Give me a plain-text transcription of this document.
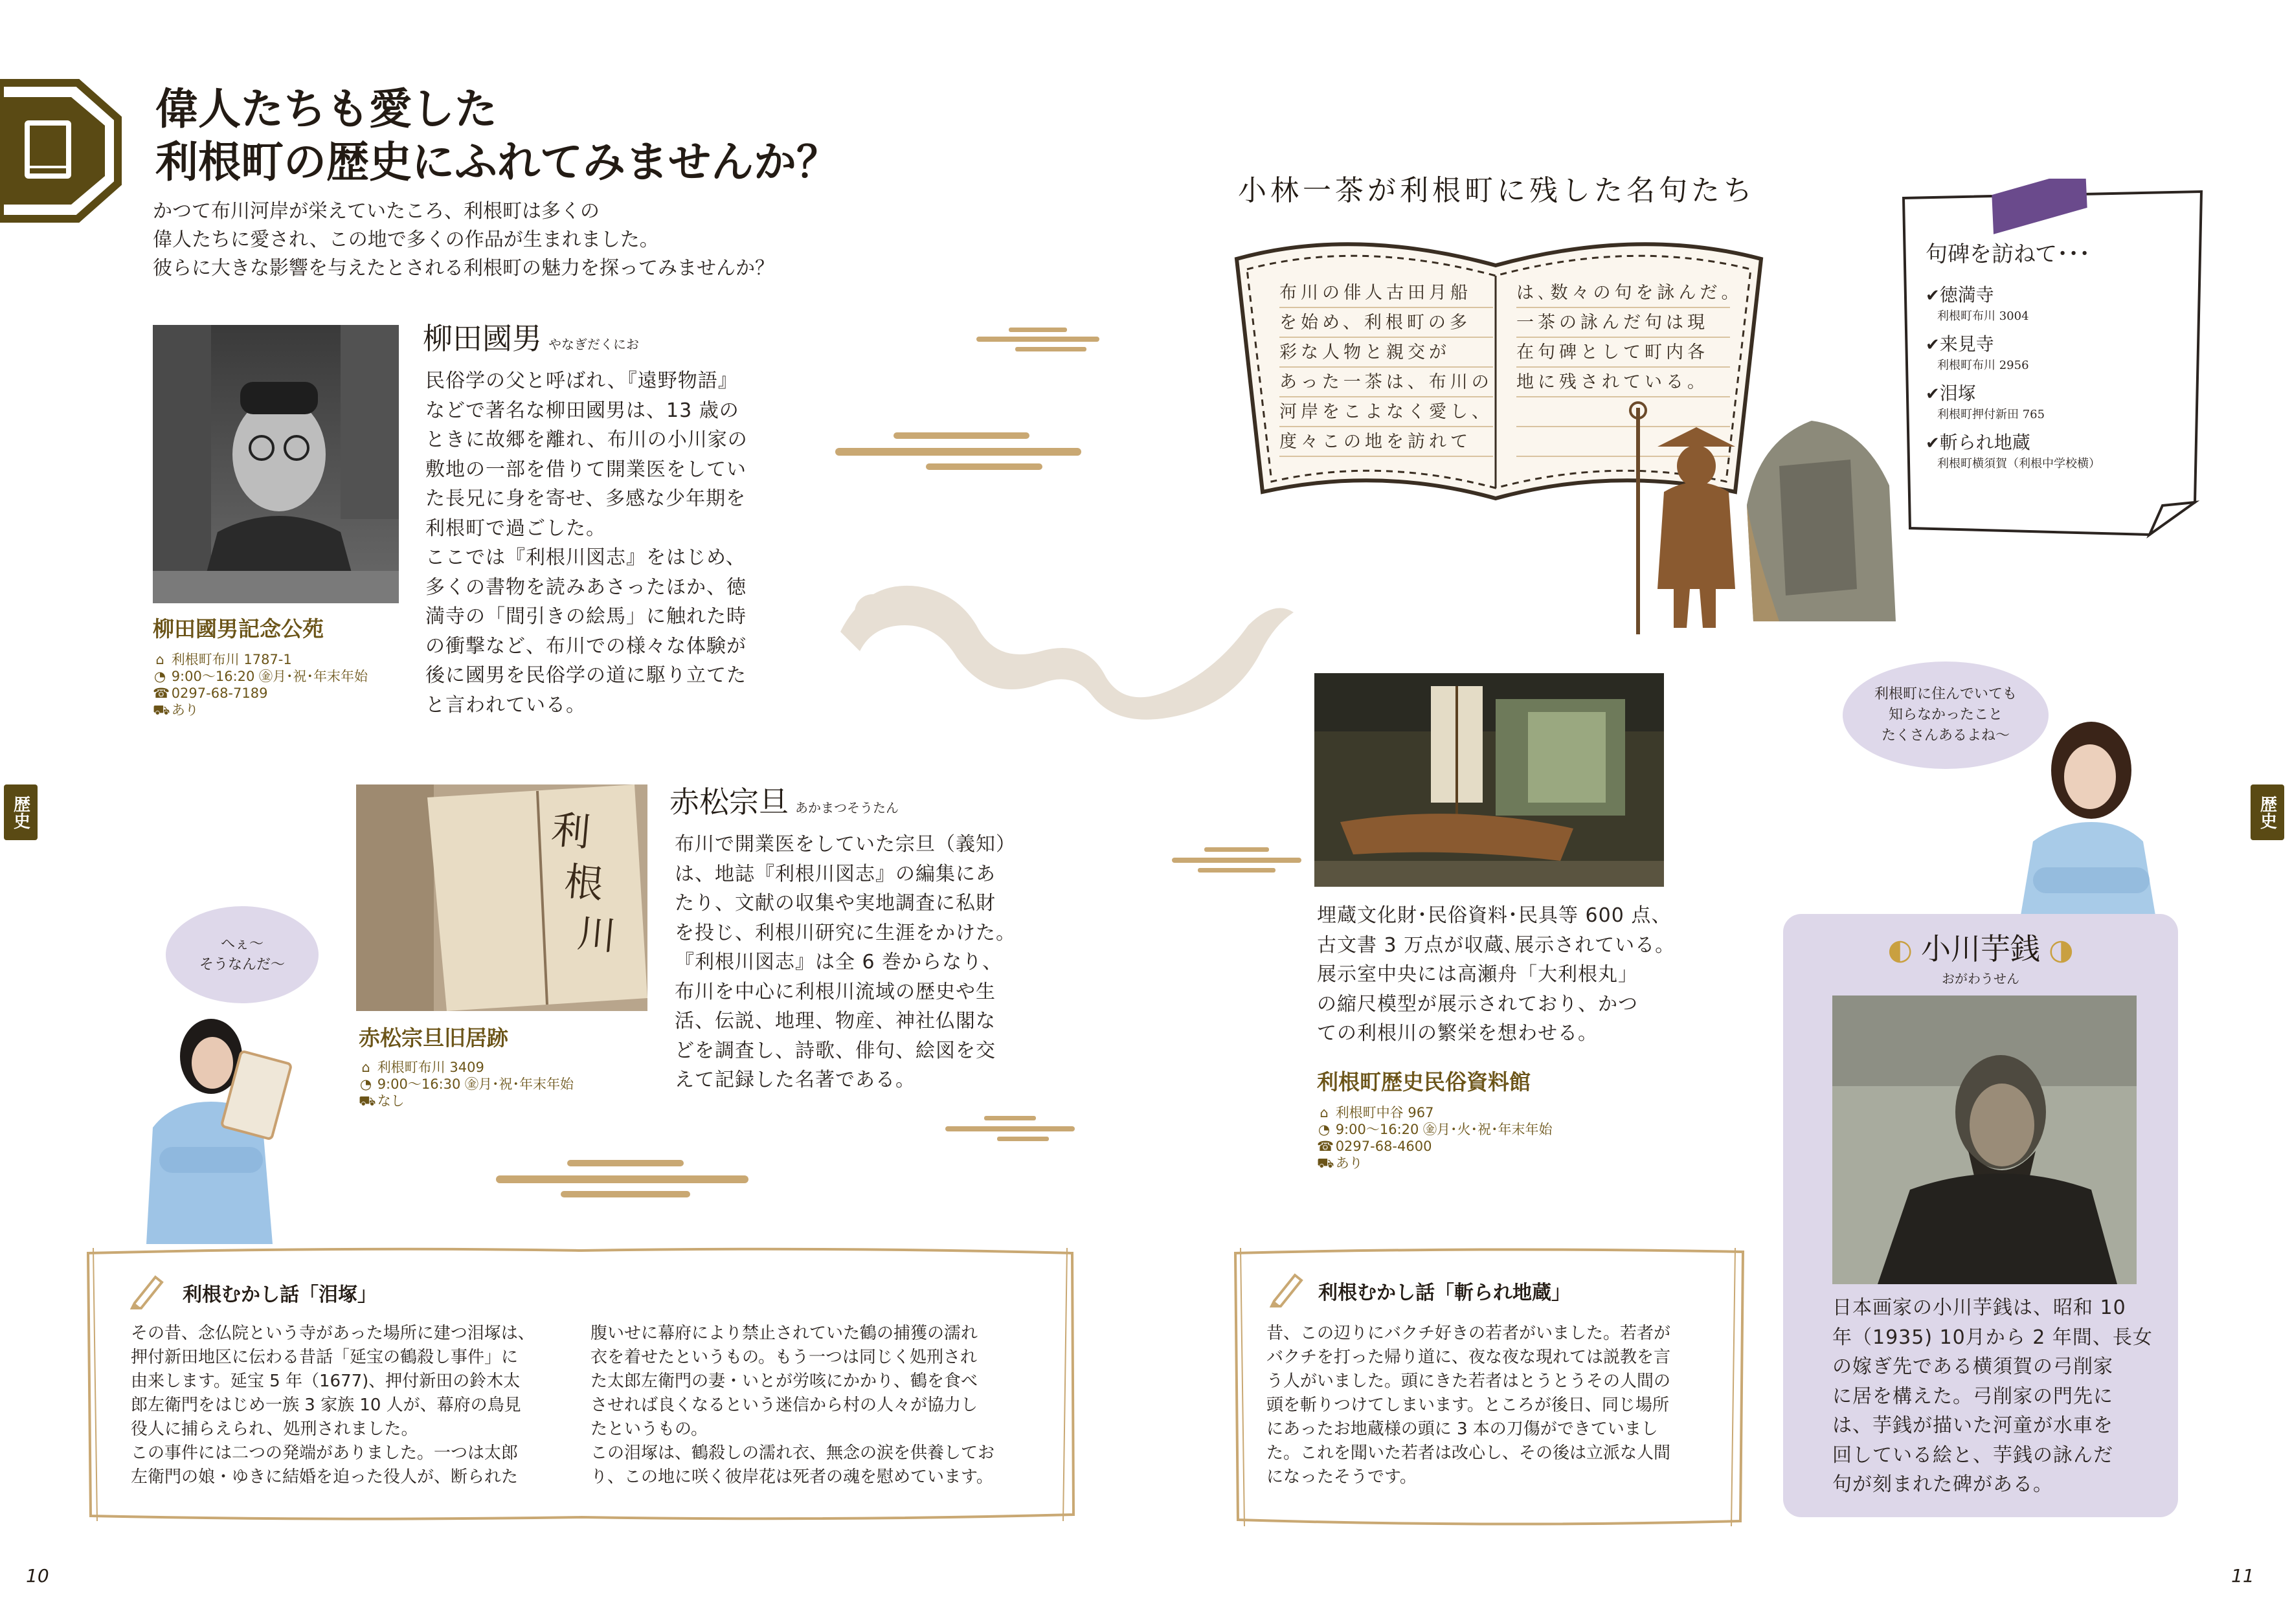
偉人たちも愛した
利根町の歴史にふれてみませんか？
かつて布川河岸が栄えていたころ、利根町は多くの
偉人たちに愛され、この地で多くの作品が生まれました。
彼らに大きな影響を与えたとされる利根町の魅力を探ってみませんか？
柳田國男 やなぎだくにお
民俗学の父と呼ばれ、『遠野物語』
などで著名な柳田國男は、13 歳の
ときに故郷を離れ、布川の小川家の
敷地の一部を借りて開業医をしてい
た長兄に身を寄せ、多感な少年期を
利根町で過ごした。
ここでは『利根川図志』をはじめ、
多くの書物を読みあさったほか、徳
満寺の「間引きの絵馬」に触れた時
の衝撃など、布川での様々な体験が
後に國男を民俗学の道に駆り立てた
と言われている。
柳田國男記念公苑
⌂ 利根町布川 1787-1
◔ 9:00〜16:20 ㊎月･祝･年末年始
☎ 0297-68-7189
⛟ あり
利
根
川
赤松宗旦 あかまつそうたん
布川で開業医をしていた宗旦（義知）
は、地誌『利根川図志』の編集にあ
たり、文献の収集や実地調査に私財
を投じ、利根川研究に生涯をかけた。
『利根川図志』は全 6 巻からなり、
布川を中心に利根川流域の歴史や生
活、伝説、地理、物産、神社仏閣な
どを調査し、詩歌、俳句、絵図を交
えて記録した名著である。
赤松宗旦旧居跡
⌂ 利根町布川 3409
◔ 9:00〜16:30 ㊎月･祝･年末年始
⛟ なし
へぇ〜
そうなんだ〜
歴史
利根むかし話「泪塚」
その昔、念仏院という寺があった場所に建つ泪塚は、
押付新田地区に伝わる昔話「延宝の鶴殺し事件」に
由来します。延宝 5 年（1677)、押付新田の鈴木太
郎左衛門をはじめ一族 3 家族 10 人が、幕府の鳥見
役人に捕らえられ、処刑されました。
この事件には二つの発端がありました。一つは太郎
左衛門の娘・ゆきに結婚を迫った役人が、断られた
腹いせに幕府により禁止されていた鶴の捕獲の濡れ
衣を着せたというもの。もう一つは同じく処刑され
た太郎左衛門の妻・いとが労咳にかかり、鶴を食べ
させれば良くなるという迷信から村の人々が協力し
たというもの。
この泪塚は、鶴殺しの濡れ衣、無念の涙を供養してお
り、この地に咲く彼岸花は死者の魂を慰めています。
10
小林一茶が利根町に残した名句たち
布川の俳人古田月船
を始め、利根町の多
彩な人物と親交が
あった一茶は、布川の
河岸をこよなく愛し、
度々この地を訪れて
は､数々の句を詠んだ｡
一茶の詠んだ句は現
在句碑として町内各
地に残されている。
句碑を訪ねて･･･
✔徳満寺
利根町布川 3004
✔来見寺
利根町布川 2956
✔泪塚
利根町押付新田 765
✔斬られ地蔵
利根町横須賀（利根中学校横）
埋蔵文化財･民俗資料･民具等 600 点、
古文書 3 万点が収蔵､展示されている。
展示室中央には高瀬舟「大利根丸」
の縮尺模型が展示されており、かつ
ての利根川の繁栄を想わせる。
利根町歴史民俗資料館
⌂ 利根町中谷 967
◔ 9:00〜16:20 ㊎月･火･祝･年末年始
☎ 0297-68-4600
⛟ あり
利根町に住んでいても
知らなかったこと
たくさんあるよね〜
歴史
◐ 小川芋銭 ◑
おがわうせん
日本画家の小川芋銭は、昭和 10
年（1935) 10月から 2 年間、長女
の嫁ぎ先である横須賀の弓削家
に居を構えた。弓削家の門先に
は、芋銭が描いた河童が水車を
回している絵と、芋銭の詠んだ
句が刻まれた碑がある。
利根むかし話「斬られ地蔵」
昔、この辺りにバクチ好きの若者がいました。若者が
バクチを打った帰り道に、夜な夜な現れては説教を言
う人がいました。頭にきた若者はとうとうその人間の
頭を斬りつけてしまいます。ところが後日、同じ場所
にあったお地蔵様の頭に 3 本の刀傷ができていまし
た。これを聞いた若者は改心し、その後は立派な人間
になったそうです。
11
